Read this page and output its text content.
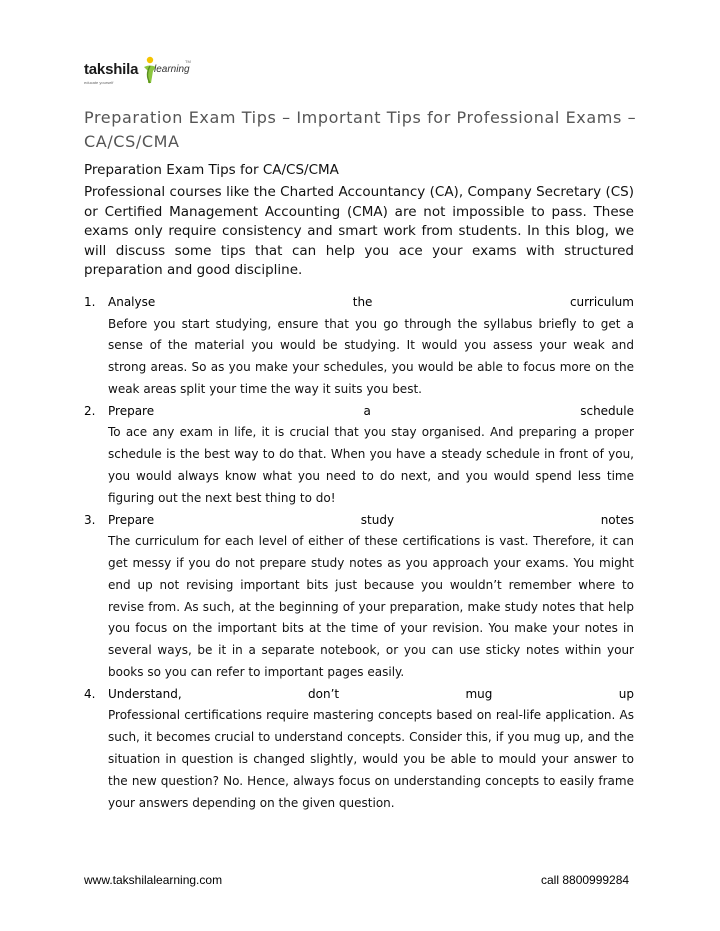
takshila learning
TM
educate yourself
Preparation Exam Tips – Important Tips for Professional Exams – CA/CS/CMA
Preparation Exam Tips for CA/CS/CMA

Professional courses like the Charted Accountancy (CA), Company Secretary (CS) or Certified Management Accounting (CMA) are not impossible to pass. These exams only require consistency and smart work from students. In this blog, we will discuss some tips that can help you ace your exams with structured preparation and good discipline.

1. Analyse	the	curriculum

Before you start studying, ensure that you go through the syllabus briefly to get a sense of the material you would be studying. It would you assess your weak and strong areas. So as you make your schedules, you would be able to focus more on the weak areas split your time the way it suits you best.

2. Prepare	a	schedule

To ace any exam in life, it is crucial that you stay organised. And preparing a proper schedule is the best way to do that. When you have a steady schedule in front of you, you would always know what you need to do next, and you would spend less time figuring out the next best thing to do!

3. Prepare	study	notes

The curriculum for each level of either of these certifications is vast. Therefore, it can get messy if you do not prepare study notes as you approach your exams. You might end up not revising important bits just because you wouldn’t remember where to revise from. As such, at the beginning of your preparation, make study notes that help you focus on the important bits at the time of your revision. You make your notes in several ways, be it in a separate notebook, or you can use sticky notes within your books so you can refer to important pages easily.

4. Understand,	don’t	mug	up

Professional certifications require mastering concepts based on real-life application. As such, it becomes crucial to understand concepts. Consider this, if you mug up, and the situation in question is changed slightly, would you be able to mould your answer to the new question? No. Hence, always focus on understanding concepts to easily frame your answers depending on the given question.

www.takshilalearning.com	call 8800999284
